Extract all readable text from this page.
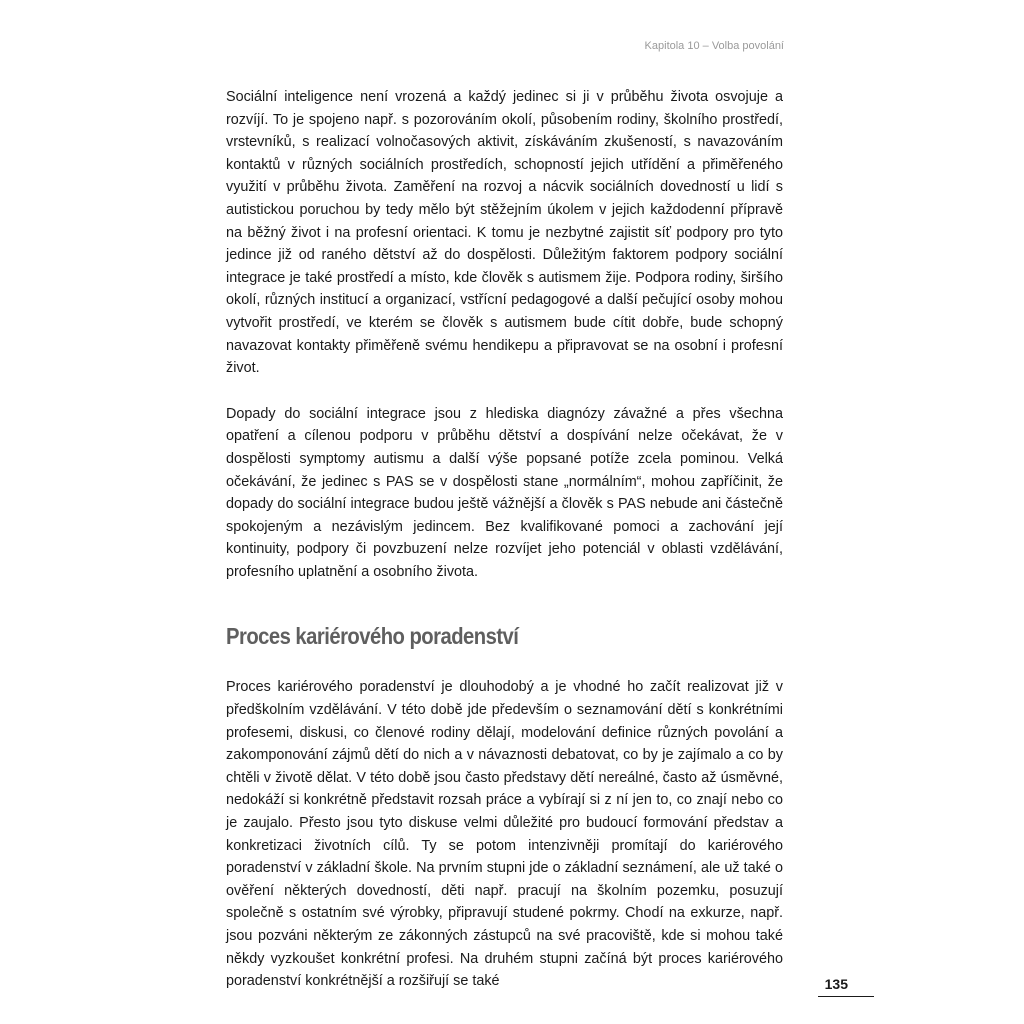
Kapitola 10 – Volba povolání

Sociální inteligence není vrozená a každý jedinec si ji v průběhu života osvojuje a rozvíjí. To je spojeno např. s pozorováním okolí, působením rodiny, školního prostředí, vrstevníků, s realizací volnočasových aktivit, získáváním zkušeností, s navazováním kontaktů v různých sociálních prostředích, schopností jejich utřídění a přiměřeného využití v průběhu života. Zaměření na rozvoj a nácvik sociálních dovedností u lidí s autistickou poruchou by tedy mělo být stěžejním úkolem v jejich každodenní přípravě na běžný život i na profesní orientaci. K tomu je nezbytné zajistit síť podpory pro tyto jedince již od raného dětství až do dospělosti. Důležitým faktorem podpory sociální integrace je také prostředí a místo, kde člověk s autismem žije. Podpora rodiny, širšího okolí, různých institucí a organizací, vstřícní pedagogové a další pečující osoby mohou vytvořit prostředí, ve kterém se člověk s autismem bude cítit dobře, bude schopný navazovat kontakty přiměřeně svému hendikepu a připravovat se na osobní i profesní život.

Dopady do sociální integrace jsou z hlediska diagnózy závažné a přes všechna opatření a cílenou podporu v průběhu dětství a dospívání nelze očekávat, že v dospělosti symptomy autismu a další výše popsané potíže zcela pominou. Velká očekávání, že jedinec s PAS se v dospělosti stane „normálním“, mohou zapříčinit, že dopady do sociální integrace budou ještě vážnější a člověk s PAS nebude ani částečně spokojeným a nezávislým jedincem. Bez kvalifikované pomoci a zachování její kontinuity, podpory či povzbuzení nelze rozvíjet jeho potenciál v oblasti vzdělávání, profesního uplatnění a osobního života.

Proces kariérového poradenství

Proces kariérového poradenství je dlouhodobý a je vhodné ho začít realizovat již v předškolním vzdělávání. V této době jde především o seznamování dětí s konkrétními profesemi, diskusi, co členové rodiny dělají, modelování definice různých povolání a zakomponování zájmů dětí do nich a v návaznosti debatovat, co by je zajímalo a co by chtěli v životě dělat. V této době jsou často představy dětí nereálné, často až úsměvné, nedokáží si konkrétně představit rozsah práce a vybírají si z ní jen to, co znají nebo co je zaujalo. Přesto jsou tyto diskuse velmi důležité pro budoucí formování představ a konkretizaci životních cílů. Ty se potom intenzivněji promítají do kariérového poradenství v základní škole. Na prvním stupni jde o základní seznámení, ale už také o ověření některých dovedností, děti např. pracují na školním pozemku, posuzují společně s ostatním své výrobky, připravují studené pokrmy. Chodí na exkurze, např. jsou pozváni některým ze zákonných zástupců na své pracoviště, kde si mohou také někdy vyzkoušet konkrétní profesi. Na druhém stupni začíná být proces kariérového poradenství konkrétnější a rozšiřují se také	135
